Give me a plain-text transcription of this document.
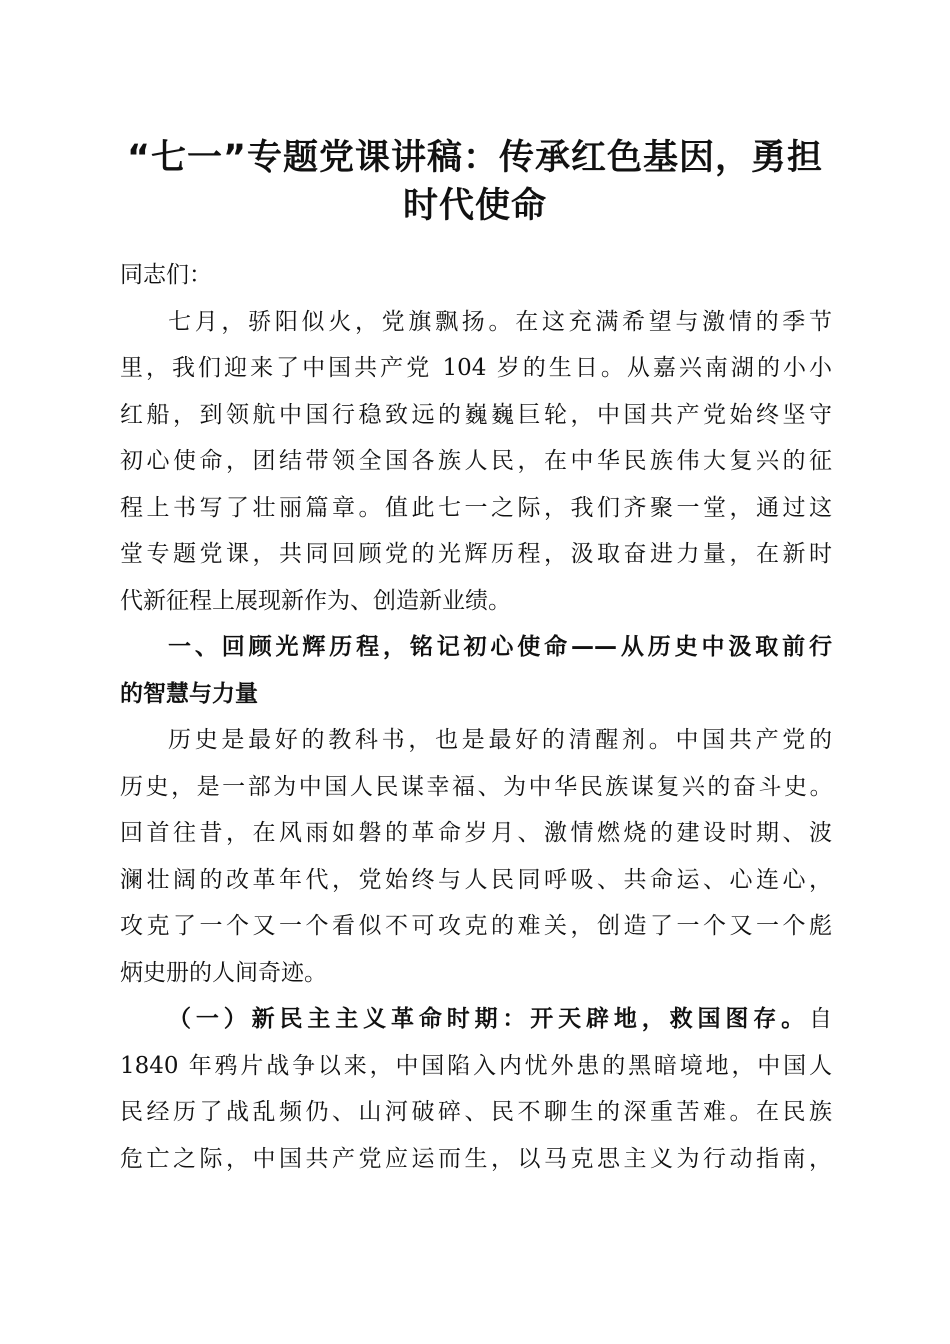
“七一”专题党课讲稿：传承红色基因，勇担
时代使命
同志们：
七月，骄阳似火，党旗飘扬。在这充满希望与激情的季节
里，我们迎来了中国共产党 104 岁的生日。从嘉兴南湖的小小
红船，到领航中国行稳致远的巍巍巨轮，中国共产党始终坚守
初心使命，团结带领全国各族人民，在中华民族伟大复兴的征
程上书写了壮丽篇章。值此七一之际，我们齐聚一堂，通过这
堂专题党课，共同回顾党的光辉历程，汲取奋进力量，在新时
代新征程上展现新作为、创造新业绩。
一、回顾光辉历程，铭记初心使命——从历史中汲取前行
的智慧与力量
历史是最好的教科书，也是最好的清醒剂。中国共产党的
历史，是一部为中国人民谋幸福、为中华民族谋复兴的奋斗史。
回首往昔，在风雨如磐的革命岁月、激情燃烧的建设时期、波
澜壮阔的改革年代，党始终与人民同呼吸、共命运、心连心，
攻克了一个又一个看似不可攻克的难关，创造了一个又一个彪
炳史册的人间奇迹。
（一）新民主主义革命时期：开天辟地，救国图存。自
1840 年鸦片战争以来，中国陷入内忧外患的黑暗境地，中国人
民经历了战乱频仍、山河破碎、民不聊生的深重苦难。在民族
危亡之际，中国共产党应运而生，以马克思主义为行动指南，
